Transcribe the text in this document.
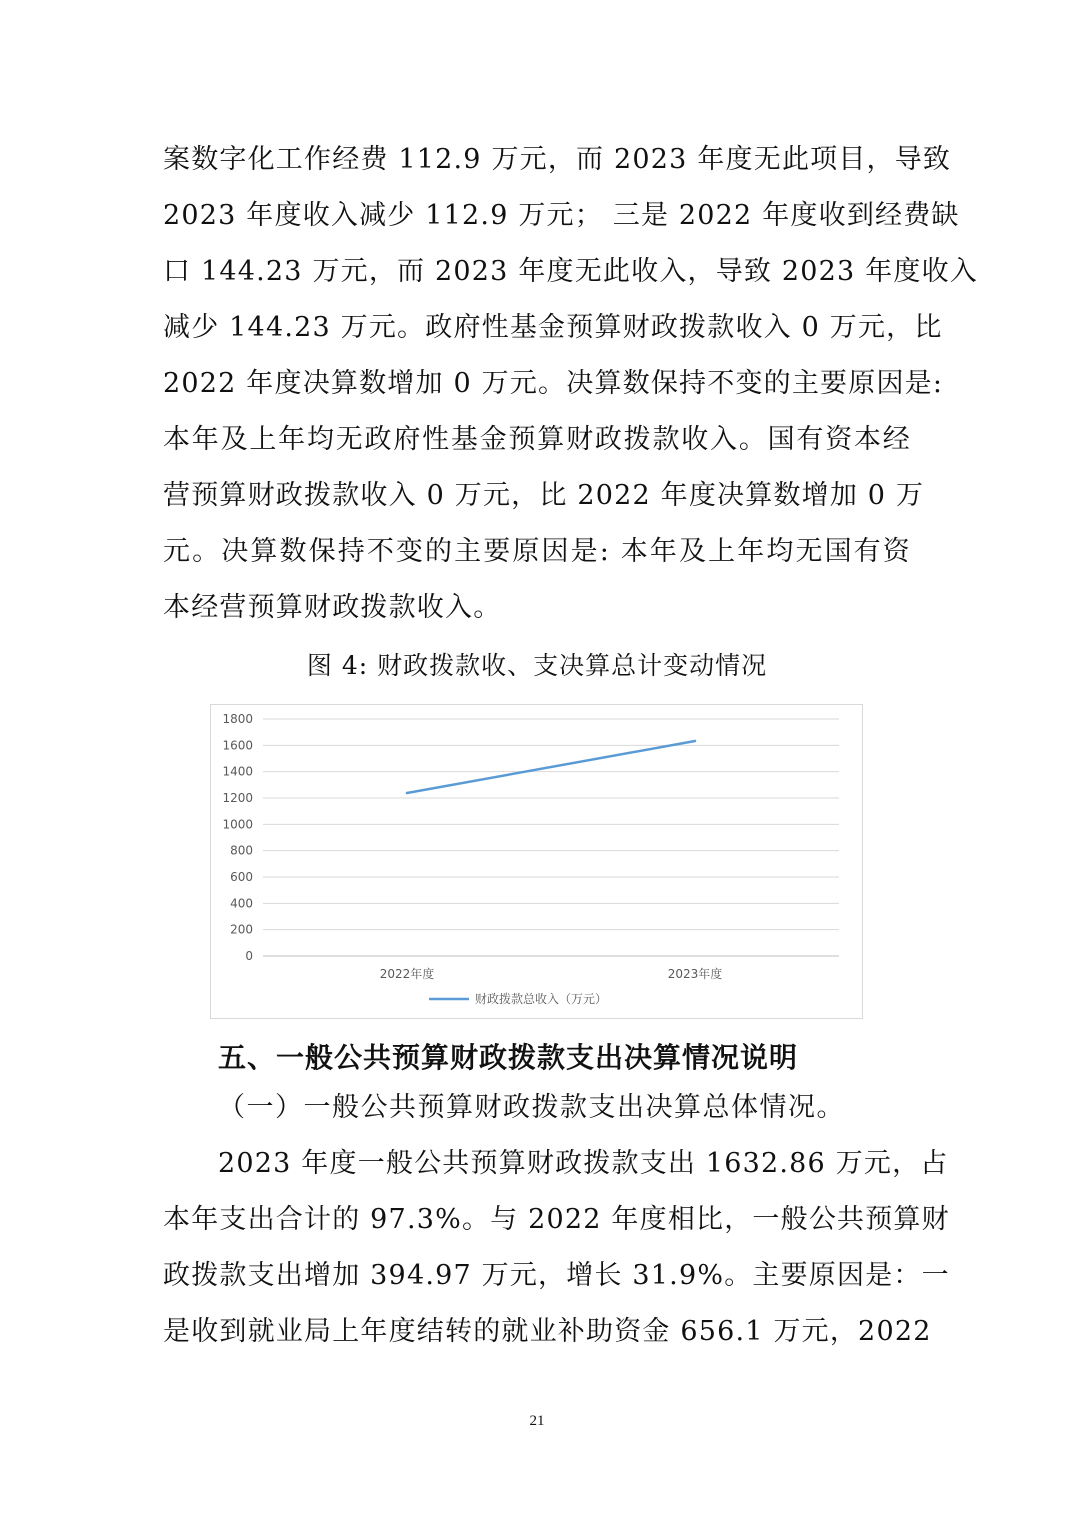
案数字化工作经费 112.9 万元，而 2023 年度无此项目，导致
2023 年度收入减少 112.9 万元； 三是 2022 年度收到经费缺
口 144.23 万元，而 2023 年度无此收入，导致 2023 年度收入
减少 144.23 万元。政府性基金预算财政拨款收入 0 万元，比
2022 年度决算数增加 0 万元。决算数保持不变的主要原因是:
本年及上年均无政府性基金预算财政拨款收入。国有资本经
营预算财政拨款收入 0 万元，比 2022 年度决算数增加 0 万
元。决算数保持不变的主要原因是: 本年及上年均无国有资
本经营预算财政拨款收入。
图 4: 财政拨款收、支决算总计变动情况
0
200
400
600
800
1000
1200
1400
1600
1800
2022年度	2023年度
财政拨款总收入（万元）
五、一般公共预算财政拨款支出决算情况说明
（一）一般公共预算财政拨款支出决算总体情况。
2023 年度一般公共预算财政拨款支出 1632.86 万元，占
本年支出合计的 97.3%。与 2022 年度相比，一般公共预算财
政拨款支出增加 394.97 万元，增长 31.9%。主要原因是：一
是收到就业局上年度结转的就业补助资金 656.1 万元，2022
21
